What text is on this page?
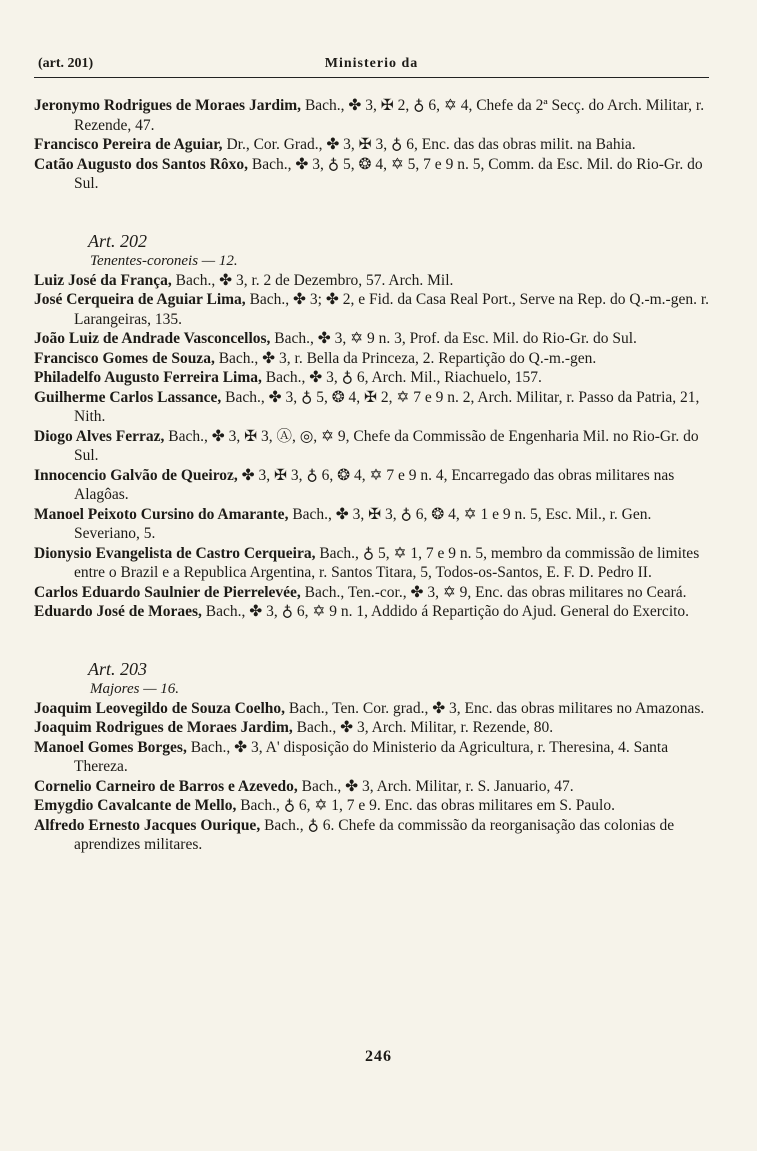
(art. 201)	Ministerio da

Jeronymo Rodrigues de Moraes Jardim, Bach., ✤ 3, ✠ 2, ♁ 6, ✡ 4, Chefe da 2ª Secç. do Arch. Militar, r. Rezende, 47.

Francisco Pereira de Aguiar, Dr., Cor. Grad., ✤ 3, ✠ 3, ♁ 6, Enc. das das obras milit. na Bahia.

Catão Augusto dos Santos Rôxo, Bach., ✤ 3, ♁ 5, ❂ 4, ✡ 5, 7 e 9 n. 5, Comm. da Esc. Mil. do Rio-Gr. do Sul.

Art. 202
Tenentes-coroneis — 12.

Luiz José da França, Bach., ✤ 3, r. 2 de Dezembro, 57. Arch. Mil.

José Cerqueira de Aguiar Lima, Bach., ✤ 3; ✤ 2, e Fid. da Casa Real Port., Serve na Rep. do Q.-m.-gen. r. Larangeiras, 135.

João Luiz de Andrade Vasconcellos, Bach., ✤ 3, ✡ 9 n. 3, Prof. da Esc. Mil. do Rio-Gr. do Sul.

Francisco Gomes de Souza, Bach., ✤ 3, r. Bella da Princeza, 2. Repartição do Q.-m.-gen.

Philadelfo Augusto Ferreira Lima, Bach., ✤ 3, ♁ 6, Arch. Mil., Riachuelo, 157.

Guilherme Carlos Lassance, Bach., ✤ 3, ♁ 5, ❂ 4, ✠ 2, ✡ 7 e 9 n. 2, Arch. Militar, r. Passo da Patria, 21, Nith.

Diogo Alves Ferraz, Bach., ✤ 3, ✠ 3, Ⓐ, ◎, ✡ 9, Chefe da Commissão de Engenharia Mil. no Rio-Gr. do Sul.

Innocencio Galvão de Queiroz, ✤ 3, ✠ 3, ♁ 6, ❂ 4, ✡ 7 e 9 n. 4, Encarregado das obras militares nas Alagôas.

Manoel Peixoto Cursino do Amarante, Bach., ✤ 3, ✠ 3, ♁ 6, ❂ 4, ✡ 1 e 9 n. 5, Esc. Mil., r. Gen. Severiano, 5.

Dionysio Evangelista de Castro Cerqueira, Bach., ♁ 5, ✡ 1, 7 e 9 n. 5, membro da commissão de limites entre o Brazil e a Republica Argentina, r. Santos Titara, 5, Todos-os-Santos, E. F. D. Pedro II.

Carlos Eduardo Saulnier de Pierrelevée, Bach., Ten.-cor., ✤ 3, ✡ 9, Enc. das obras militares no Ceará.

Eduardo José de Moraes, Bach., ✤ 3, ♁ 6, ✡ 9 n. 1, Addido á Repartição do Ajud. General do Exercito.

Art. 203
Majores — 16.

Joaquim Leovegildo de Souza Coelho, Bach., Ten. Cor. grad., ✤ 3, Enc. das obras militares no Amazonas.

Joaquim Rodrigues de Moraes Jardim, Bach., ✤ 3, Arch. Militar, r. Rezende, 80.

Manoel Gomes Borges, Bach., ✤ 3, A' disposição do Ministerio da Agricultura, r. Theresina, 4. Santa Thereza.

Cornelio Carneiro de Barros e Azevedo, Bach., ✤ 3, Arch. Militar, r. S. Januario, 47.

Emygdio Cavalcante de Mello, Bach., ♁ 6, ✡ 1, 7 e 9. Enc. das obras militares em S. Paulo.

Alfredo Ernesto Jacques Ourique, Bach., ♁ 6. Chefe da commissão da reorganisação das colonias de aprendizes militares.

246
